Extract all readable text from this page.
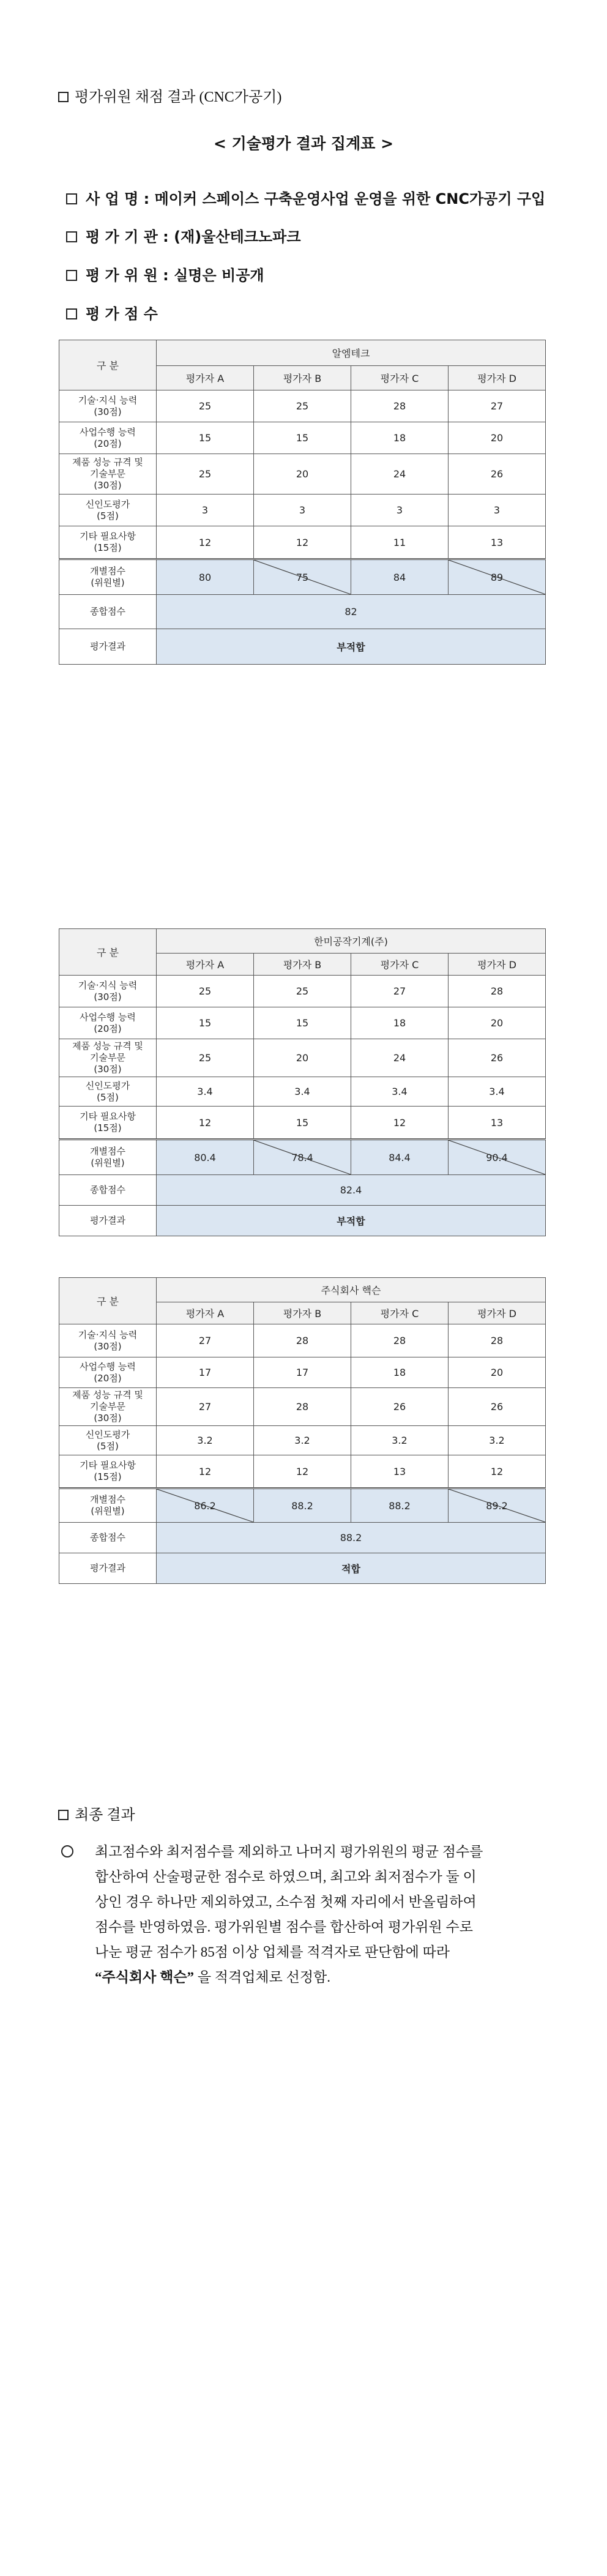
평가위원 채점 결과 (CNC가공기)
< 기술평가 결과 집계표 >
사 업 명 : 메이커 스페이스 구축운영사업 운영을 위한 CNC가공기 구입
평 가 기 관 : (재)울산테크노파크
평 가 위 원 : 실명은 비공개
평 가 점 수
구 분	알엠테크			
	평가자 A	평가자 B	평가자 C	평가자 D

기술·지식 능력
(30점)	25	25	28	27

사업수행 능력
(20점)	15	15	18	20

제품 성능 규격 및
기술부문
(30점)	25	20	24	26

신인도평가
(5점)	3	3	3	3

기타 필요사항
(15점)	12	12	11	13

개별점수
(위원별)	80	75	84	89
종합점수	82			
평가결과	부적합			
구 분	한미공작기계(주)			
	평가자 A	평가자 B	평가자 C	평가자 D

기술·지식 능력
(30점)	25	25	27	28

사업수행 능력
(20점)	15	15	18	20

제품 성능 규격 및
기술부문
(30점)	25	20	24	26

신인도평가
(5점)	3.4	3.4	3.4	3.4

기타 필요사항
(15점)	12	15	12	13

개별점수
(위원별)	80.4	78.4	84.4	90.4
종합점수	82.4			
평가결과	부적합			
구 분	주식회사 핵슨			
	평가자 A	평가자 B	평가자 C	평가자 D

기술·지식 능력
(30점)	27	28	28	28

사업수행 능력
(20점)	17	17	18	20

제품 성능 규격 및
기술부문
(30점)	27	28	26	26

신인도평가
(5점)	3.2	3.2	3.2	3.2

기타 필요사항
(15점)	12	12	13	12

개별점수
(위원별)	86.2	88.2	88.2	89.2
종합점수	88.2			
평가결과	적합			
최종 결과
최고점수와 최저점수를 제외하고 나머지 평가위원의 평균 점수를
합산하여 산술평균한 점수로 하였으며, 최고와 최저점수가 둘 이
상인 경우 하나만 제외하였고, 소수점 첫째 자리에서 반올림하여
점수를 반영하였음. 평가위원별 점수를 합산하여 평가위원 수로
나눈 평균 점수가 85점 이상 업체를 적격자로 판단함에 따라
“주식회사 핵슨” 을 적격업체로 선정함.
